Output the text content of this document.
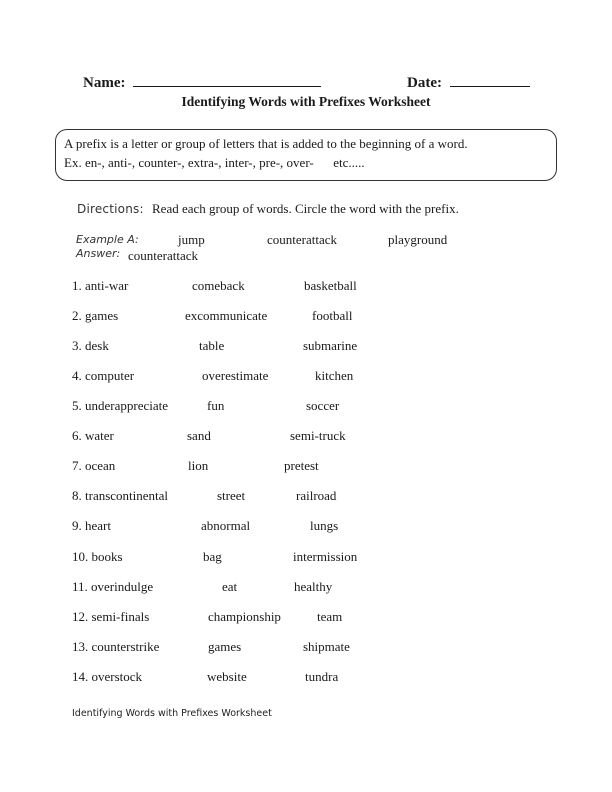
Name:	Date:
Identifying Words with Prefixes Worksheet
A prefix is a letter or group of letters that is added to the beginning of a word.
Ex. en-, anti-, counter-, extra-, inter-, pre-, over-      etc.....
Directions: Read each group of words. Circle the word with the prefix.
Example A:	jump	counterattack	playground
Answer: counterattack
1. anti-war	comeback	basketball
2. games	excommunicate	football
3. desk	table	submarine
4. computer	overestimate	kitchen
5. underappreciate	fun	soccer
6. water	sand	semi-truck
7. ocean	lion	pretest
8. transcontinental	street	railroad
9. heart	abnormal	lungs
10. books	bag	intermission
11. overindulge	eat	healthy
12. semi-finals	championship	team
13. counterstrike	games	shipmate
14. overstock	website	tundra
Identifying Words with Prefixes Worksheet
